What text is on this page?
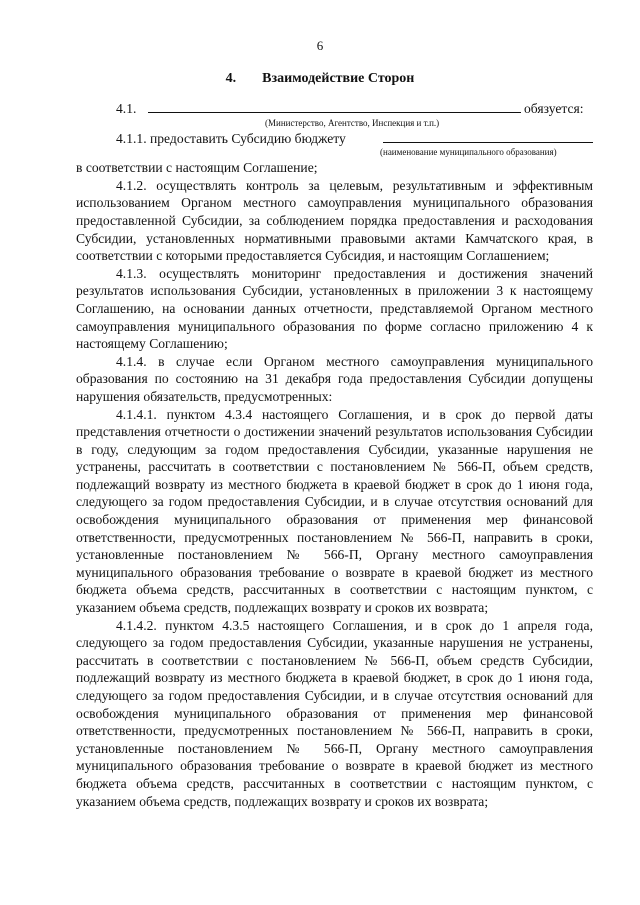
6
4. Взаимодействие Сторон
4.1.	обязуется:
(Министерство, Агентство, Инспекция и т.п.)
4.1.1. предоставить Субсидию бюджету
(наименование муниципального образования)

в соответствии с настоящим Соглашение;

4.1.2. осуществлять контроль за целевым, результативным и эффективным использованием Органом местного самоуправления муниципального образования предоставленной Субсидии, за соблюдением порядка предоставления и расходования Субсидии, установленных нормативными правовыми актами Камчатского края, в соответствии с которыми предоставляется Субсидия, и настоящим Соглашением;

4.1.3. осуществлять мониторинг предоставления и достижения значений результатов использования Субсидии, установленных в приложении 3 к настоящему Соглашению, на основании данных отчетности, представляемой Органом местного самоуправления муниципального образования по форме согласно приложению 4 к настоящему Соглашению;

4.1.4. в случае если Органом местного самоуправления муниципального образования по состоянию на 31 декабря года предоставления Субсидии допущены нарушения обязательств, предусмотренных:

4.1.4.1. пунктом 4.3.4 настоящего Соглашения, и в срок до первой даты представления отчетности о достижении значений результатов использования Субсидии в году, следующим за годом предоставления Субсидии, указанные нарушения не устранены, рассчитать в соответствии с постановлением № 566-П, объем средств, подлежащий возврату из местного бюджета в краевой бюджет в срок до 1 июня года, следующего за годом предоставления Субсидии, и в случае отсутствия оснований для освобождения муниципального образования от применения мер финансовой ответственности, предусмотренных постановлением № 566-П, направить в сроки, установленные постановлением № 566-П, Органу местного самоуправления муниципального образования требование о возврате в краевой бюджет из местного бюджета объема средств, рассчитанных в соответствии с настоящим пунктом, с указанием объема средств, подлежащих возврату и сроков их возврата;

4.1.4.2. пунктом 4.3.5 настоящего Соглашения, и в срок до 1 апреля года, следующего за годом предоставления Субсидии, указанные нарушения не устранены, рассчитать в соответствии с постановлением № 566-П, объем средств Субсидии, подлежащий возврату из местного бюджета в краевой бюджет, в срок до 1 июня года, следующего за годом предоставления Субсидии, и в случае отсутствия оснований для освобождения муниципального образования от применения мер финансовой ответственности, предусмотренных постановлением № 566-П, направить в сроки, установленные постановлением № 566-П, Органу местного самоуправления муниципального образования требование о возврате в краевой бюджет из местного бюджета объема средств, рассчитанных в соответствии с настоящим пунктом, с указанием объема средств, подлежащих возврату и сроков их возврата;
